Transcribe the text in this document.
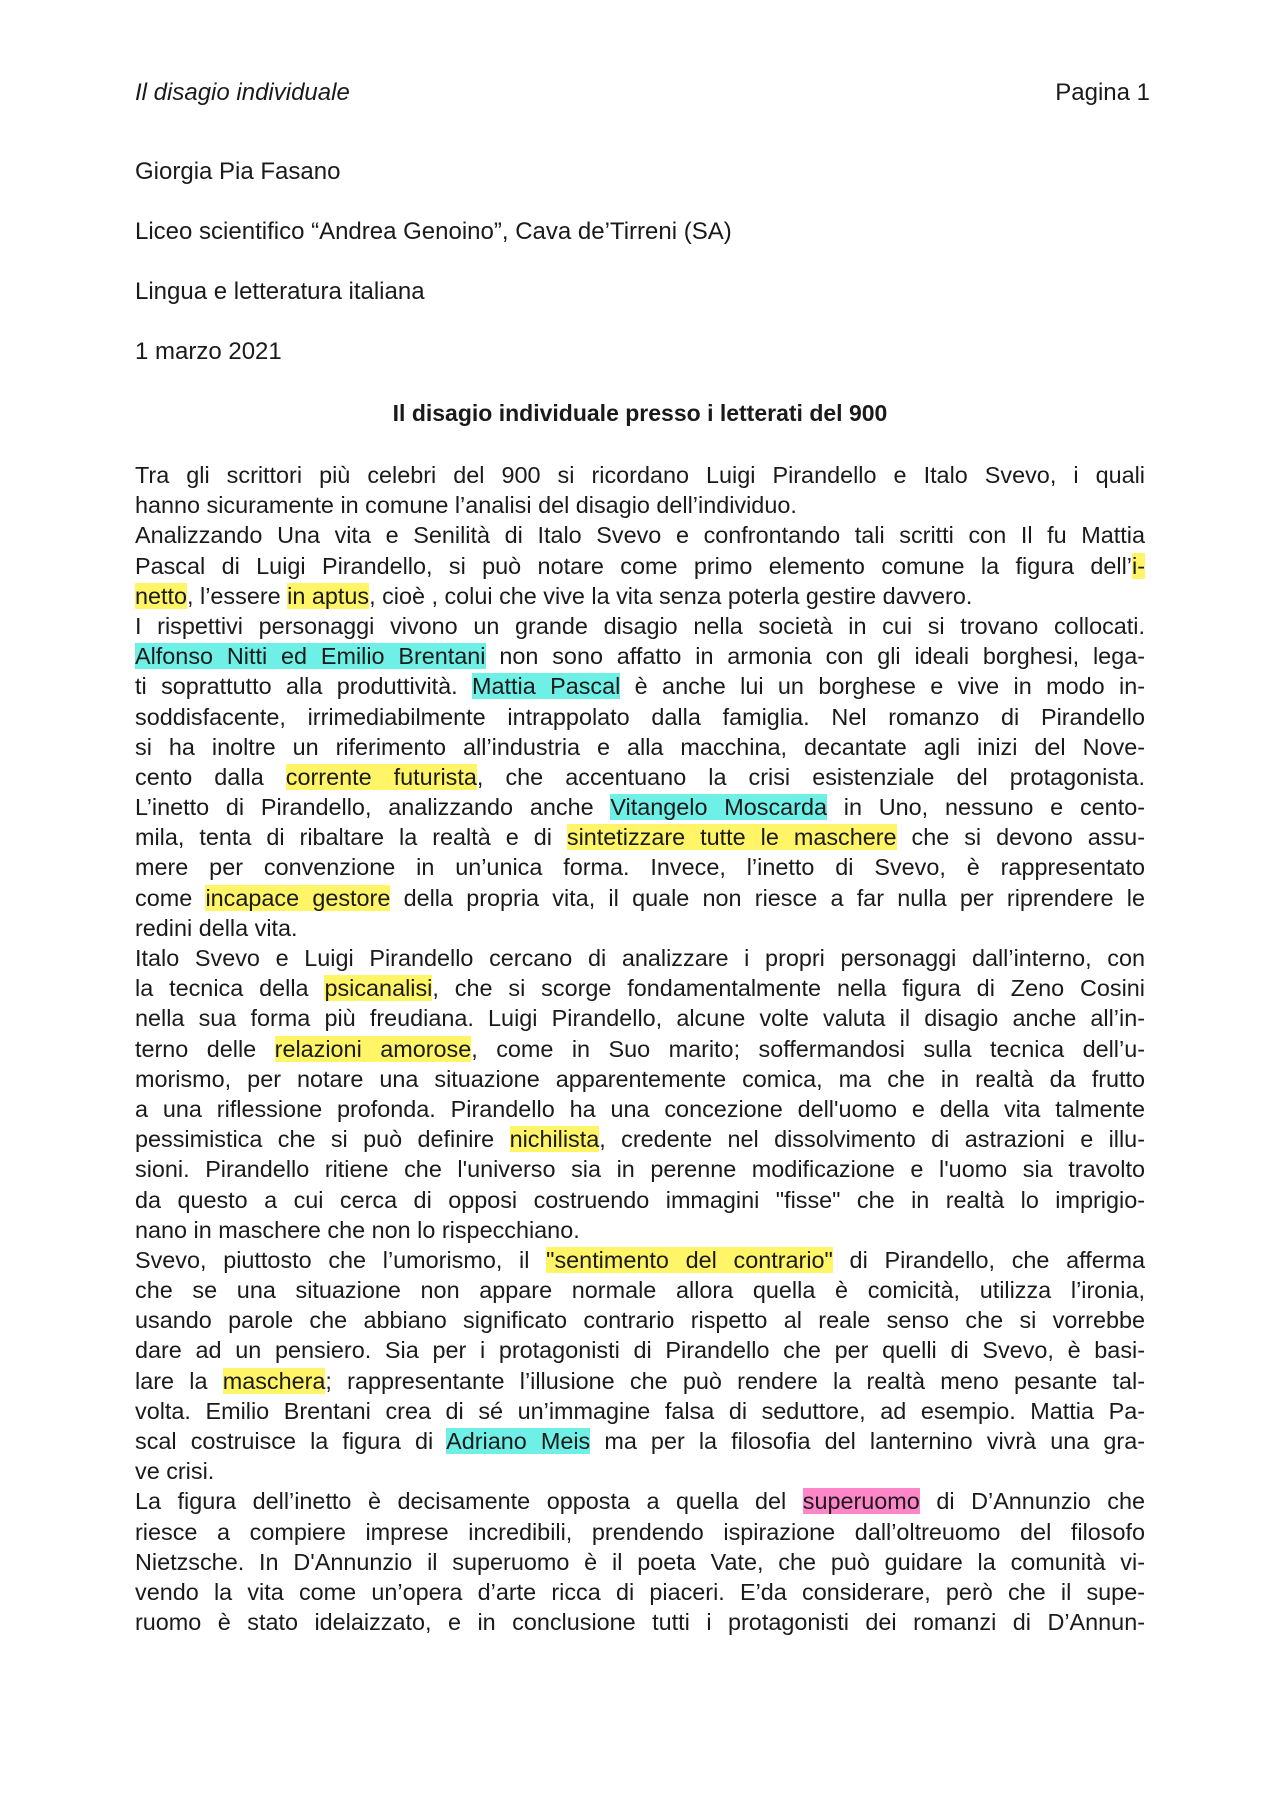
Il disagio individuale	Pagina 1
Giorgia Pia Fasano
Liceo scientifico “Andrea Genoino”, Cava de’Tirreni (SA)
Lingua e letteratura italiana
1 marzo 2021
Il disagio individuale presso i letterati del 900
Tra gli scrittori più celebri del 900 si ricordano Luigi Pirandello e Italo Svevo, i quali
hanno sicuramente in comune l’analisi del disagio dell’individuo.
Analizzando Una vita e Senilità di Italo Svevo e confrontando tali scritti con Il fu Mattia
Pascal di Luigi Pirandello, si può notare come primo elemento comune la figura dell’i-
netto, l’essere in aptus, cioè , colui che vive la vita senza poterla gestire davvero.
I rispettivi personaggi vivono un grande disagio nella società in cui si trovano collocati.
Alfonso Nitti ed Emilio Brentani non sono affatto in armonia con gli ideali borghesi, lega-
ti soprattutto alla produttività. Mattia Pascal è anche lui un borghese e vive in modo in-
soddisfacente, irrimediabilmente intrappolato dalla famiglia. Nel romanzo di Pirandello
si ha inoltre un riferimento all’industria e alla macchina, decantate agli inizi del Nove-
cento dalla corrente futurista, che accentuano la crisi esistenziale del protagonista.
L’inetto di Pirandello, analizzando anche Vitangelo Moscarda in Uno, nessuno e cento-
mila, tenta di ribaltare la realtà e di sintetizzare tutte le maschere che si devono assu-
mere per convenzione in un’unica forma. Invece, l’inetto di Svevo, è rappresentato
come incapace gestore della propria vita, il quale non riesce a far nulla per riprendere le
redini della vita.
Italo Svevo e Luigi Pirandello cercano di analizzare i propri personaggi dall’interno, con
la tecnica della psicanalisi, che si scorge fondamentalmente nella figura di Zeno Cosini
nella sua forma più freudiana. Luigi Pirandello, alcune volte valuta il disagio anche all’in-
terno delle relazioni amorose, come in Suo marito; soffermandosi sulla tecnica dell’u-
morismo, per notare una situazione apparentemente comica, ma che in realtà da frutto
a una riflessione profonda. Pirandello ha una concezione dell'uomo e della vita talmente
pessimistica che si può definire nichilista, credente nel dissolvimento di astrazioni e illu-
sioni. Pirandello ritiene che l'universo sia in perenne modificazione e l'uomo sia travolto
da questo a cui cerca di opposi costruendo immagini "fisse" che in realtà lo imprigio-
nano in maschere che non lo rispecchiano.
Svevo, piuttosto che l’umorismo, il "sentimento del contrario" di Pirandello, che afferma
che se una situazione non appare normale allora quella è comicità, utilizza l’ironia,
usando parole che abbiano significato contrario rispetto al reale senso che si vorrebbe
dare ad un pensiero. Sia per i protagonisti di Pirandello che per quelli di Svevo, è basi-
lare la maschera; rappresentante l’illusione che può rendere la realtà meno pesante tal-
volta. Emilio Brentani crea di sé un’immagine falsa di seduttore, ad esempio. Mattia Pa-
scal costruisce la figura di Adriano Meis ma per la filosofia del lanternino vivrà una gra-
ve crisi.
La figura dell’inetto è decisamente opposta a quella del superuomo di D’Annunzio che
riesce a compiere imprese incredibili, prendendo ispirazione dall’oltreuomo del filosofo
Nietzsche. In D'Annunzio il superuomo è il poeta Vate, che può guidare la comunità vi-
vendo la vita come un’opera d’arte ricca di piaceri. E’da considerare, però che il supe-
ruomo è stato idelaizzato, e in conclusione tutti i protagonisti dei romanzi di D’Annun-
